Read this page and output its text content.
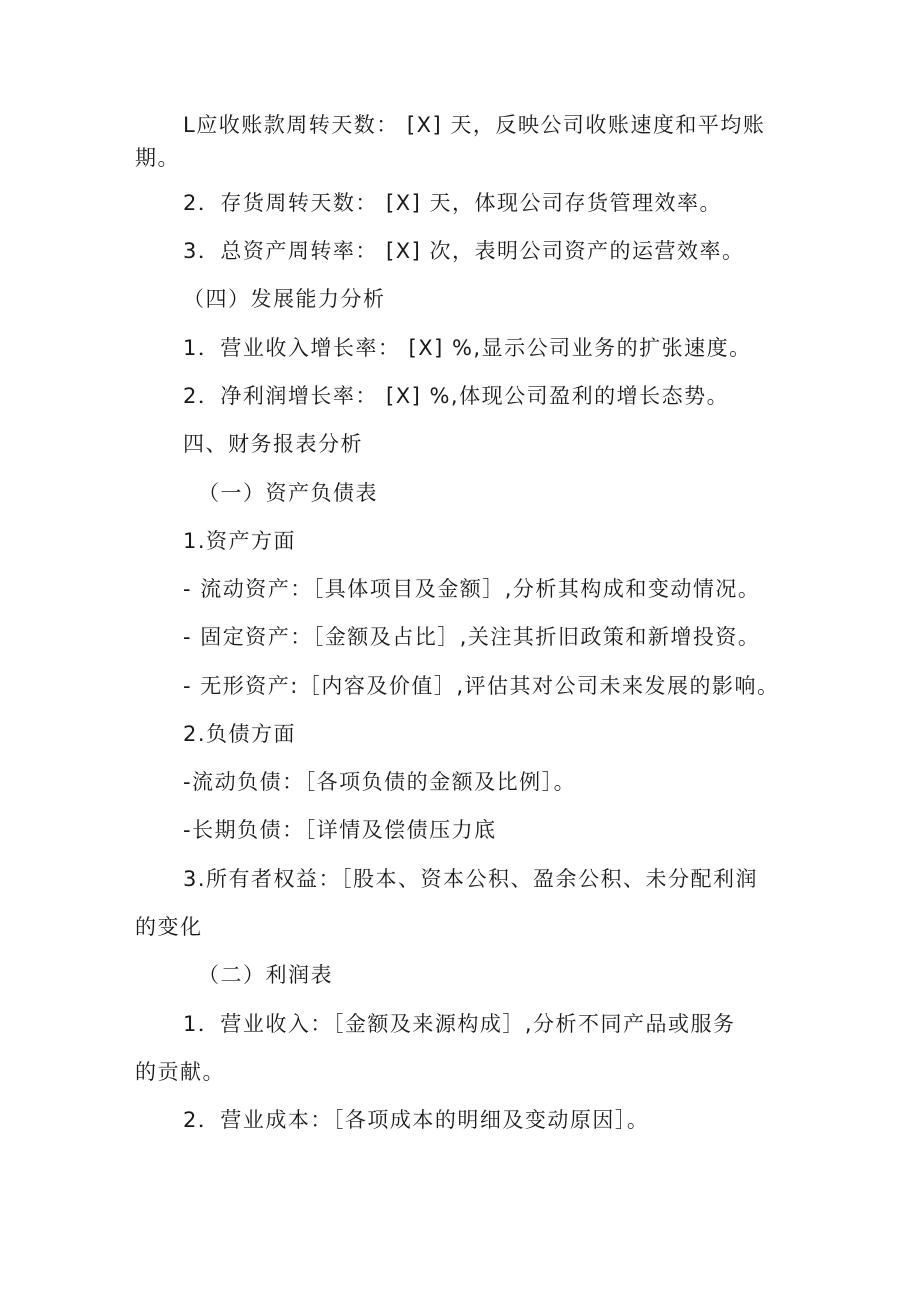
L应收账款周转天数： [X] 天，反映公司收账速度和平均账
期。
2．存货周转天数： [X] 天，体现公司存货管理效率。
3．总资产周转率： [X] 次，表明公司资产的运营效率。
（四）发展能力分析
1．营业收入增长率： [X] %,显示公司业务的扩张速度。
2．净利润增长率： [X] %,体现公司盈利的增长态势。
四、财务报表分析
（一）资产负债表
1.资产方面
- 流动资产：［具体项目及金额］,分析其构成和变动情况。
- 固定资产：［金额及占比］,关注其折旧政策和新增投资。
- 无形资产:［内容及价值］,评估其对公司未来发展的影响。
2.负债方面
-流动负债：［各项负债的金额及比例］。
-长期负债：［详情及偿债压力底
3.所有者权益：［股本、资本公积、盈余公积、未分配利润
的变化
（二）利润表
1．营业收入：［金额及来源构成］,分析不同产品或服务
的贡献。
2．营业成本：［各项成本的明细及变动原因］。
